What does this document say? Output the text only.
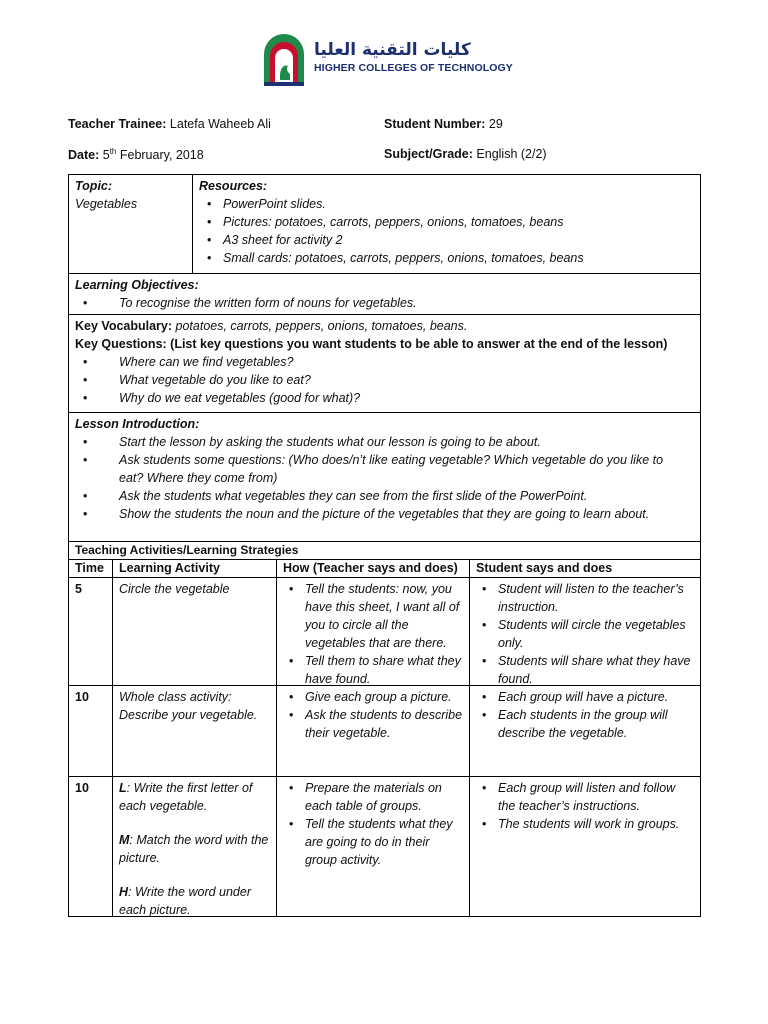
كليات التقنية العليا
HIGHER COLLEGES OF TECHNOLOGY
Teacher Trainee: Latefa Waheeb Ali	Student Number: 29
Date: 5th February, 2018	Subject/Grade: English (2/2)
Topic:
Vegetables
Resources:
• PowerPoint slides.
• Pictures: potatoes, carrots, peppers, onions, tomatoes, beans
• A3 sheet for activity 2
• Small cards: potatoes, carrots, peppers, onions, tomatoes, beans
Learning Objectives:
• To recognise the written form of nouns for vegetables.
Key Vocabulary: potatoes, carrots, peppers, onions, tomatoes, beans.
Key Questions: (List key questions you want students to be able to answer at the end of the lesson)
• Where can we find vegetables?
• What vegetable do you like to eat?
• Why do we eat vegetables (good for what)?
Lesson Introduction:
• Start the lesson by asking the students what our lesson is going to be about.
• Ask students some questions: (Who does/n’t like eating vegetable? Which vegetable do you like to eat? Where they come from)
• Ask the students what vegetables they can see from the first slide of the PowerPoint.
• Show the students the noun and the picture of the vegetables that they are going to learn about.
Teaching Activities/Learning Strategies
Time	Learning Activity	How (Teacher says and does)	Student says and does
5	Circle the vegetable
•	Tell the students: now, you have this sheet, I want all of you to circle all the vegetables that are there.
• Tell them to share what they have found.
• Student will listen to the teacher’s instruction.
• Students will circle the vegetables only.
• Students will share what they have found.
10	Whole class activity:
Describe your vegetable.
• Give each group a picture.
• Ask the students to describe their vegetable.
• Each group will have a picture.
• Each students in the group will describe the vegetable.
10	L: Write the first letter of each vegetable.
M: Match the word with the picture.
H: Write the word under each picture.
• Prepare the materials on each table of groups.
• Tell the students what they are going to do in their group activity.
• Each group will listen and follow the teacher’s instructions.
• The students will work in groups.
